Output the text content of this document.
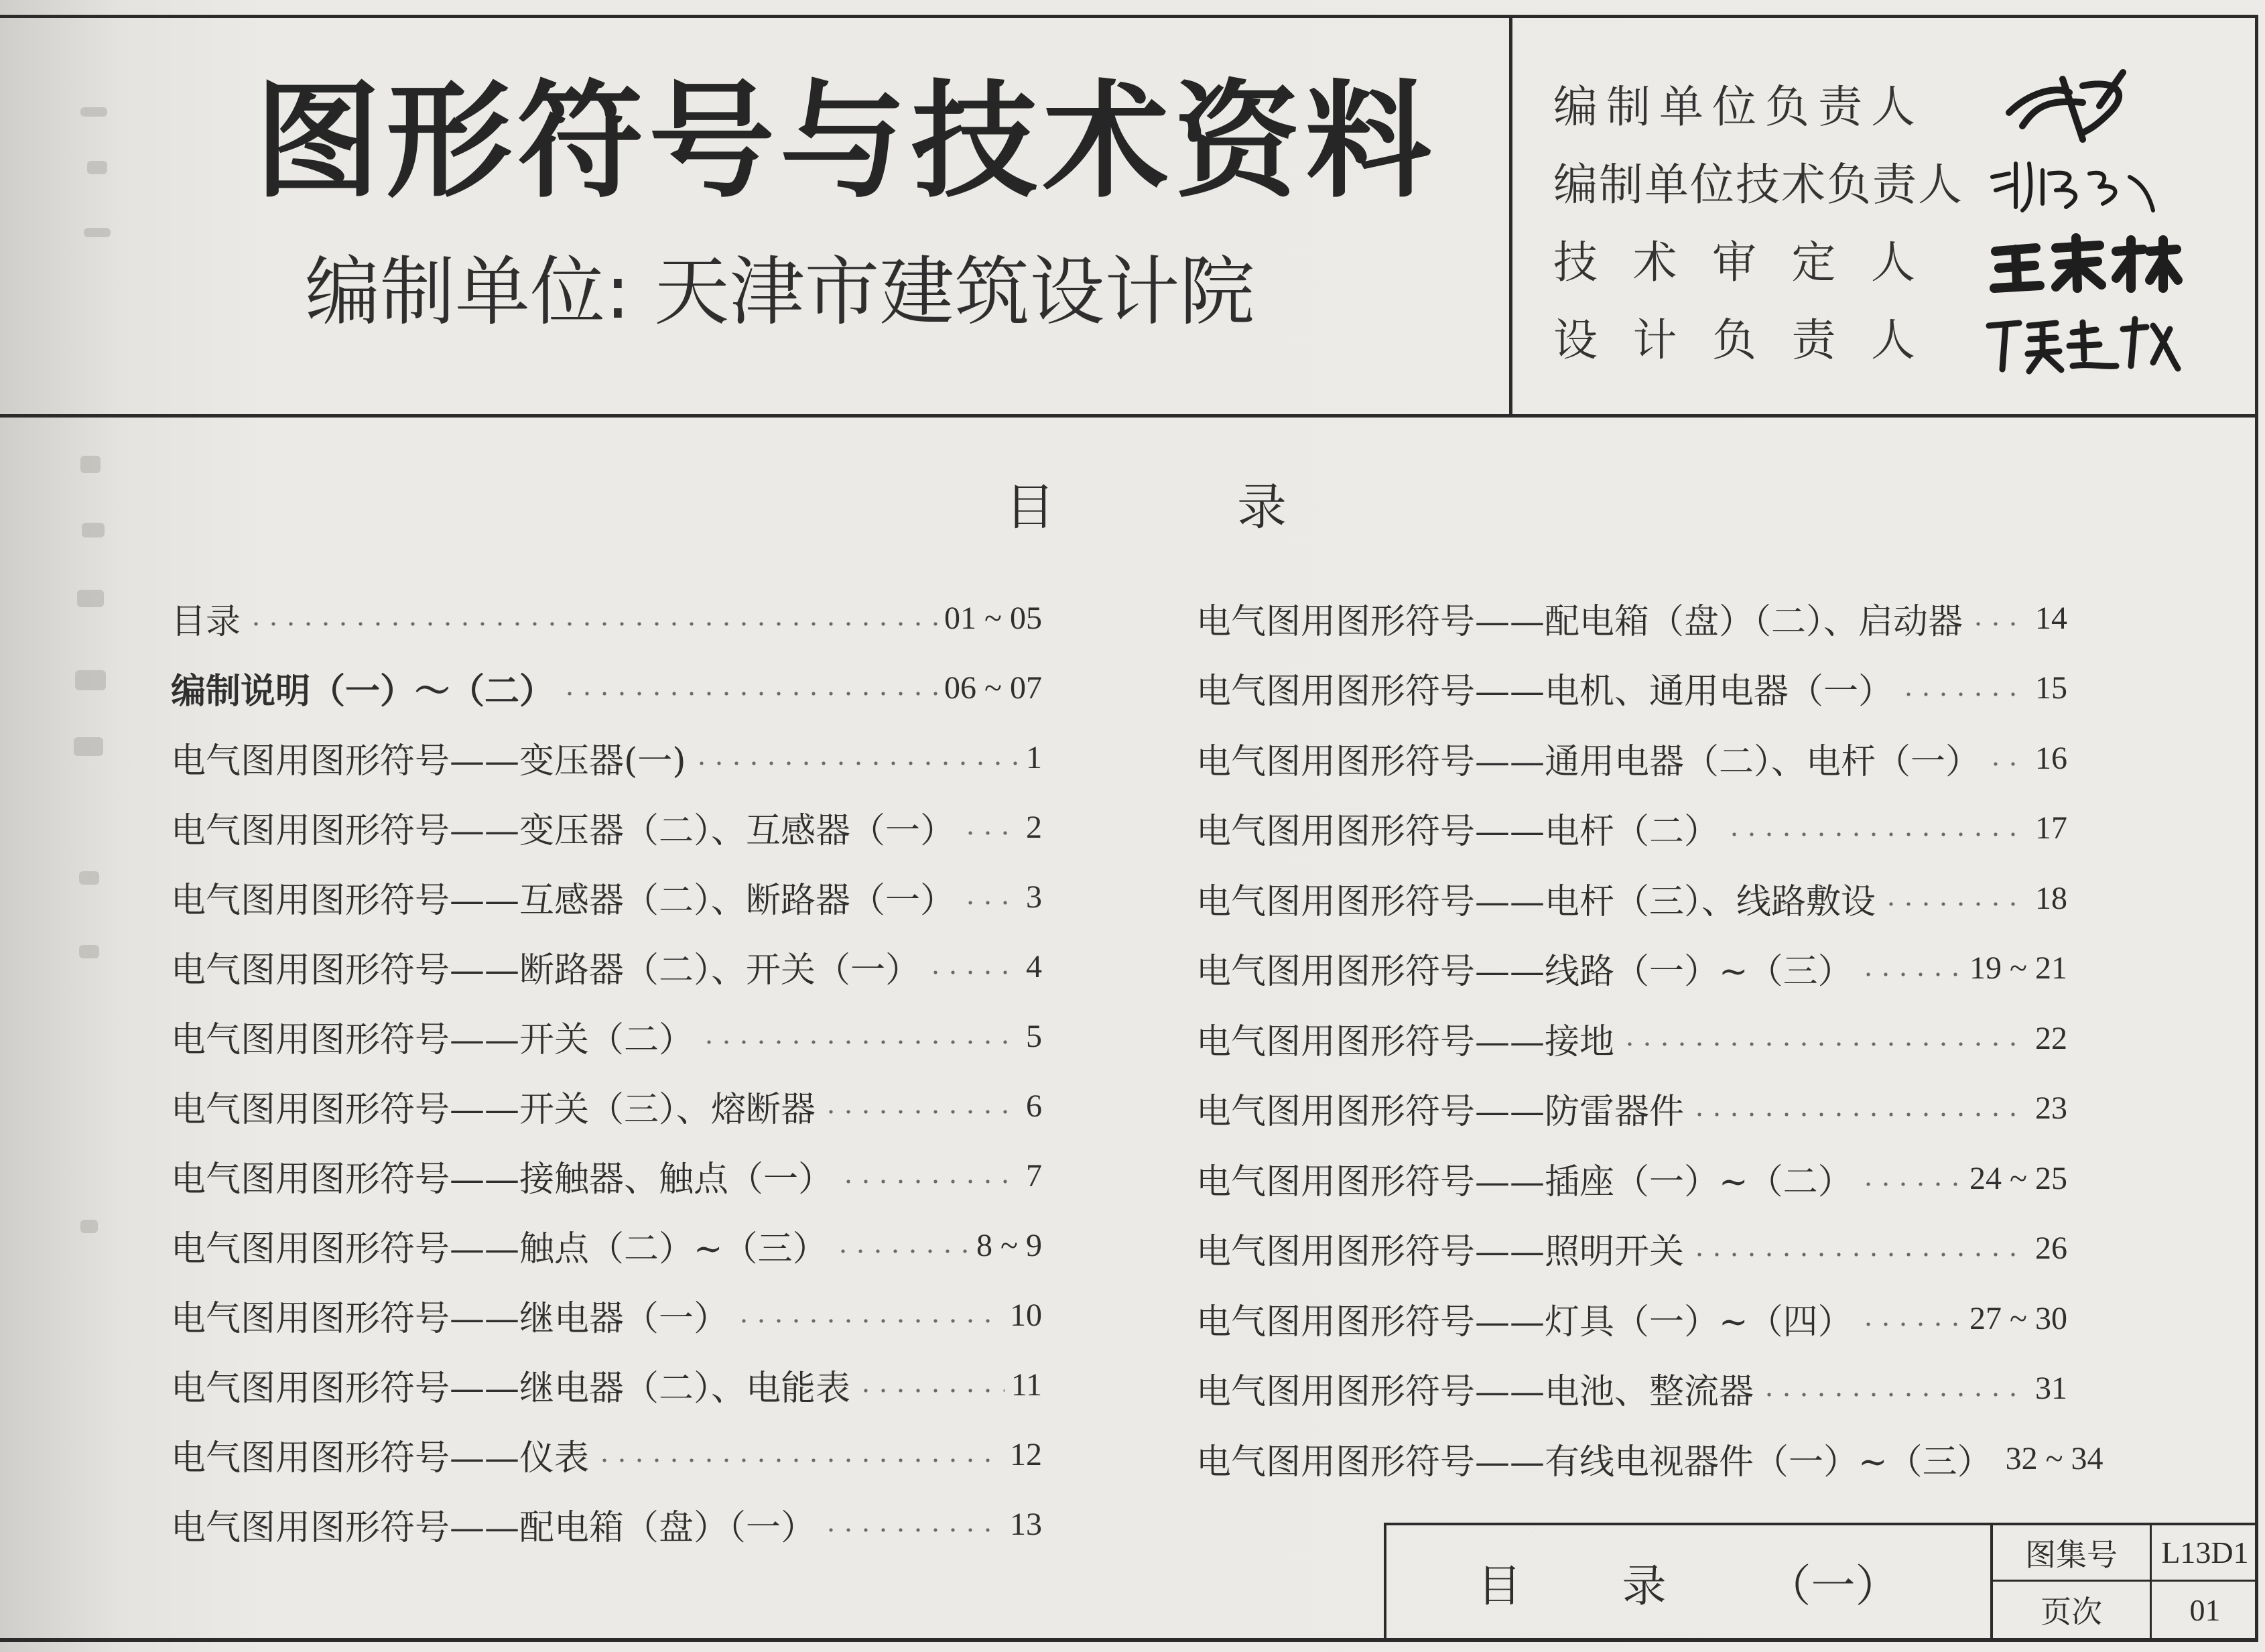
图形符号与技术资料
编制单位: 天津市建筑设计院
编 制 单 位 负 责 人
编制单位技术负责人
技 术 审 定 人
设 计 负 责 人
目	录
目录	01 ~ 05
编制说明（一）～（二）	06 ~ 07
电气图用图形符号——变压器(一)	1
电气图用图形符号——变压器（二）、互感器（一） 2
电气图用图形符号——互感器（二）、断路器（一） 3
电气图用图形符号——断路器（二）、开关（一）	4
电气图用图形符号——开关（二）	5
电气图用图形符号——开关（三）、熔断器	6
电气图用图形符号——接触器、触点（一）	7
电气图用图形符号——触点（二）~（三）	8 ~ 9
电气图用图形符号——继电器（一）	10
电气图用图形符号——继电器（二）、电能表	11
电气图用图形符号——仪表	12
电气图用图形符号——配电箱（盘）（一）	13
电气图用图形符号——配电箱（盘）（二）、启动器 14
电气图用图形符号——电机、通用电器（一）	15
电气图用图形符号——通用电器（二）、电杆（一） 16
电气图用图形符号——电杆（二）	17
电气图用图形符号——电杆（三）、线路敷设	18
电气图用图形符号——线路（一）~（三）	19 ~ 21
电气图用图形符号——接地	22
电气图用图形符号——防雷器件	23
电气图用图形符号——插座（一）~（二）	24 ~ 25
电气图用图形符号——照明开关	26
电气图用图形符号——灯具（一）~（四）	27 ~ 30
电气图用图形符号——电池、整流器	31
电气图用图形符号——有线电视器件（一）~（三） 32 ~ 34
目 录 （一）
图集号	L13D1
页次	01
